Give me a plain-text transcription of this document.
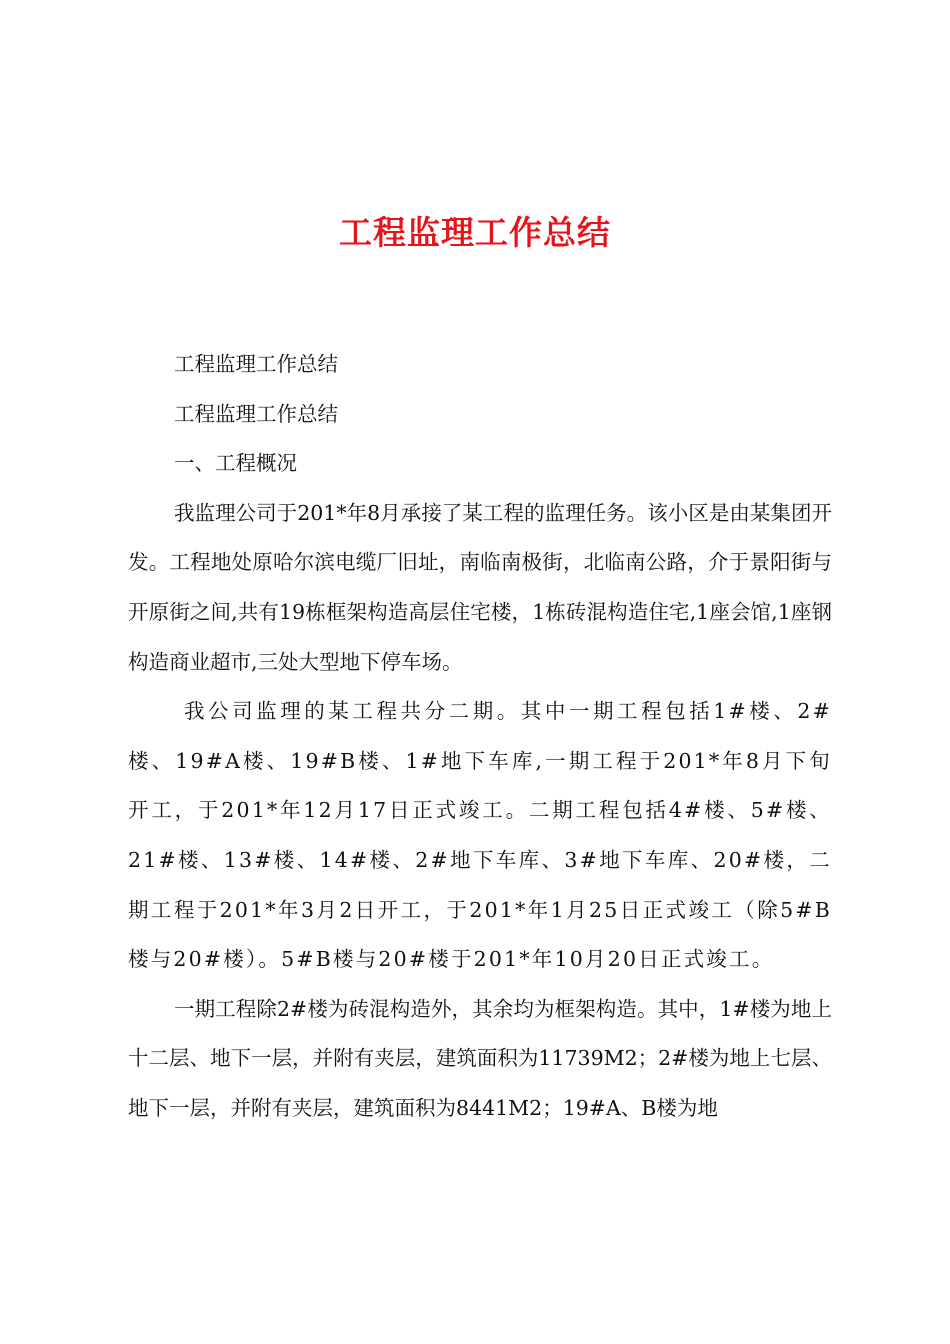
工程监理工作总结

工程监理工作总结

工程监理工作总结

一、工程概况

我监理公司于201*年8月承接了某工程的监理任务。该小区是由某集团开发。工程地处原哈尔滨电缆厂旧址，南临南极街，北临南公路，介于景阳街与开原街之间,共有19栋框架构造高层住宅楼，1栋砖混构造住宅,1座会馆,1座钢构造商业超市,三处大型地下停车场。

我公司监理的某工程共分二期。其中一期工程包括1#楼、2#楼、19#A楼、19#B楼、1#地下车库,一期工程于201*年8月下旬开工，于201*年12月17日正式竣工。二期工程包括4#楼、5#楼、21#楼、13#楼、14#楼、2#地下车库、3#地下车库、20#楼，二期工程于201*年3月2日开工，于201*年1月25日正式竣工（除5#B楼与20#楼）。5#B楼与20#楼于201*年10月20日正式竣工。

一期工程除2#楼为砖混构造外，其余均为框架构造。其中，1#楼为地上十二层、地下一层，并附有夹层，建筑面积为11739M2；2#楼为地上七层、地下一层，并附有夹层，建筑面积为8441M2；19#A、B楼为地
